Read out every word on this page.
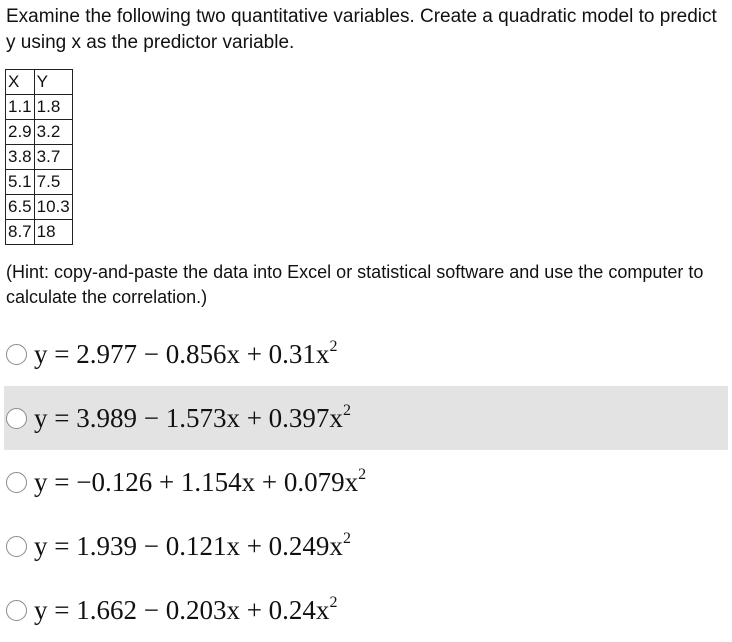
Examine the following two quantitative variables. Create a quadratic model to predict y using x as the predictor variable.
X	Y
1.1	1.8
2.9	3.2
3.8	3.7
5.1	7.5
6.5	10.3
8.7	18
(Hint: copy-and-paste the data into Excel or statistical software and use the computer to calculate the correlation.)
$y = 2.977 - 0.856x + 0.31x^2$
$y = 3.989 - 1.573x + 0.397x^2$
$y = -0.126 + 1.154x + 0.079x^2$
$y = 1.939 - 0.121x + 0.249x^2$
$y = 1.662 - 0.203x + 0.24x^2$
